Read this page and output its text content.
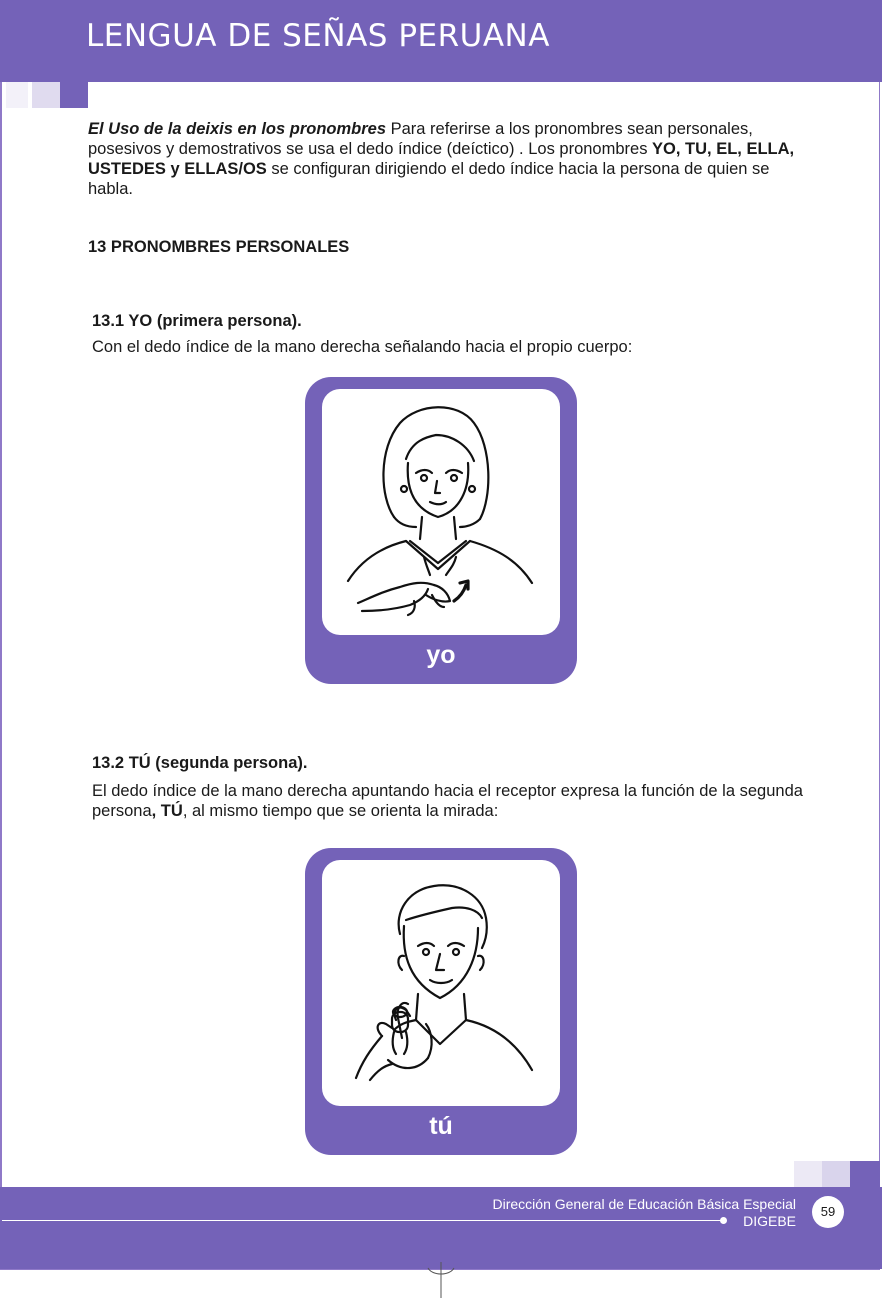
LENGUA DE SEÑAS PERUANA

El Uso de la deixis en los pronombres Para referirse a los pronombres sean personales, posesivos y demostrativos se usa el dedo índice (deíctico) . Los pronombres YO, TU, EL, ELLA, USTEDES y ELLAS/OS se configuran dirigiendo el dedo índice hacia la persona de quien se habla.

13 PRONOMBRES PERSONALES
13.1 YO (primera persona).

Con el dedo índice de la mano derecha señalando hacia el propio cuerpo:

yo
13.2 TÚ (segunda persona).

El dedo índice de la mano derecha apuntando hacia el receptor expresa la función de la segunda persona, TÚ, al mismo tiempo que se orienta la mirada:

tú
Dirección General de Educación Básica Especial
DIGEBE
59
